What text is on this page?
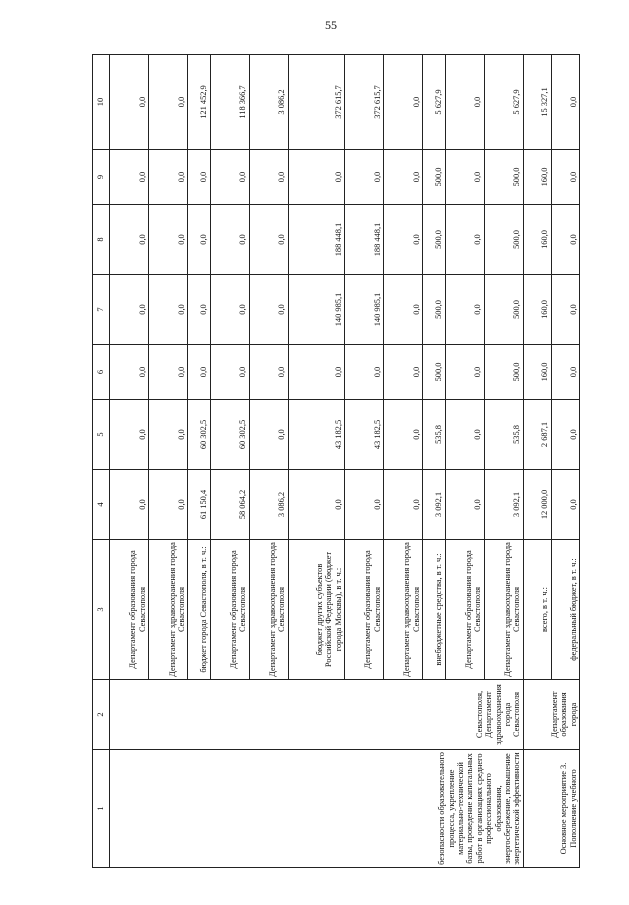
55
1	2	3	4	5	6	7	8	9	10
безопасности образовательного процесса, укрепление материально-технической базы, проведение капитальных работ в организациях среднего профессионального образования, энергосбережение, повышение энергетической эффективности	Севастополя, Департамент здравоохранения города Севастополя	Департамент образования города Севастополя	0,0	0,0	0,0	0,0	0,0	0,0	0,0
		Департамент здравоохранения города Севастополя	0,0	0,0	0,0	0,0	0,0	0,0	0,0
		бюджет города Севастополя, в т. ч.:	61 150,4	60 302,5	0,0	0,0	0,0	0,0	121 452,9
		Департамент образования города Севастополя	58 064,2	60 302,5	0,0	0,0	0,0	0,0	118 366,7
		Департамент здравоохранения города Севастополя	3 086,2	0,0	0,0	0,0	0,0	0,0	3 086,2
		бюджет других субъектов Российской Федерации (бюджет города Москвы), в т. ч.:	0,0	43 182,5	0,0	140 985,1	188 448,1	0,0	372 615,7
		Департамент образования города Севастополя	0,0	43 182,5	0,0	140 985,1	188 448,1	0,0	372 615,7
		Департамент здравоохранения города Севастополя	0,0	0,0	0,0	0,0	0,0	0,0	0,0
		внебюджетные средства, в т. ч.:	3 092,1	535,8	500,0	500,0	500,0	500,0	5 627,9
		Департамент образования города Севастополя	0,0	0,0	0,0	0,0	0,0	0,0	0,0
		Департамент здравоохранения города Севастополя	3 092,1	535,8	500,0	500,0	500,0	500,0	5 627,9
Основное мероприятие 3. Пополнение учебного	Департамент образования города	всего, в т. ч.:	12 000,0	2 687,1	160,0	160,0	160,0	160,0	15 327,1
		федеральный бюджет, в т. ч.:	0,0	0,0	0,0	0,0	0,0	0,0	0,0
